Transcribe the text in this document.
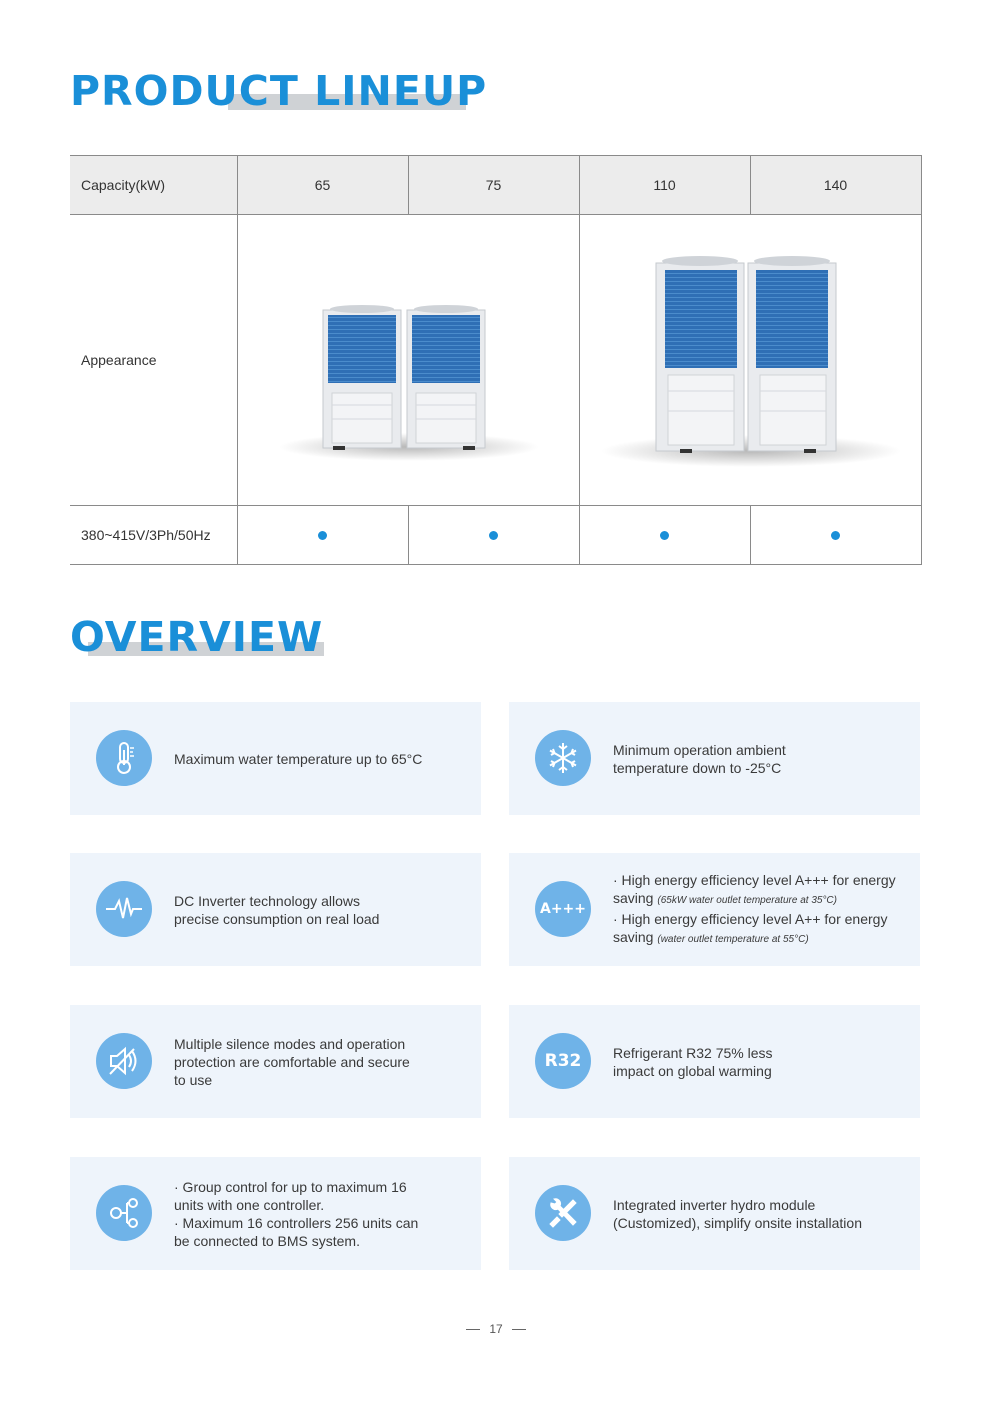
PRODUCT LINEUP
Capacity(kW)	65	75	110	140
Appearance	

380~415V/3Ph/50Hz				
OVERVIEW

Maximum water temperature up to 65°C

Minimum operation ambient

temperature down to -25°C

DC Inverter technology allows

precise consumption on real load

A+++

· High energy efficiency level A+++ for energy

saving (65kW water outlet temperature at 35°C)

· High energy efficiency level A++ for energy

saving (water outlet temperature at 55°C)

Multiple silence modes and operation

protection are comfortable and secure

to use

R32 Refrigerant R32 75% less

impact on global warming

· Group control for up to maximum 16

units with one controller.

· Maximum 16 controllers 256 units can

be connected to BMS system.

Integrated inverter hydro module

(Customized), simplify onsite installation

17
